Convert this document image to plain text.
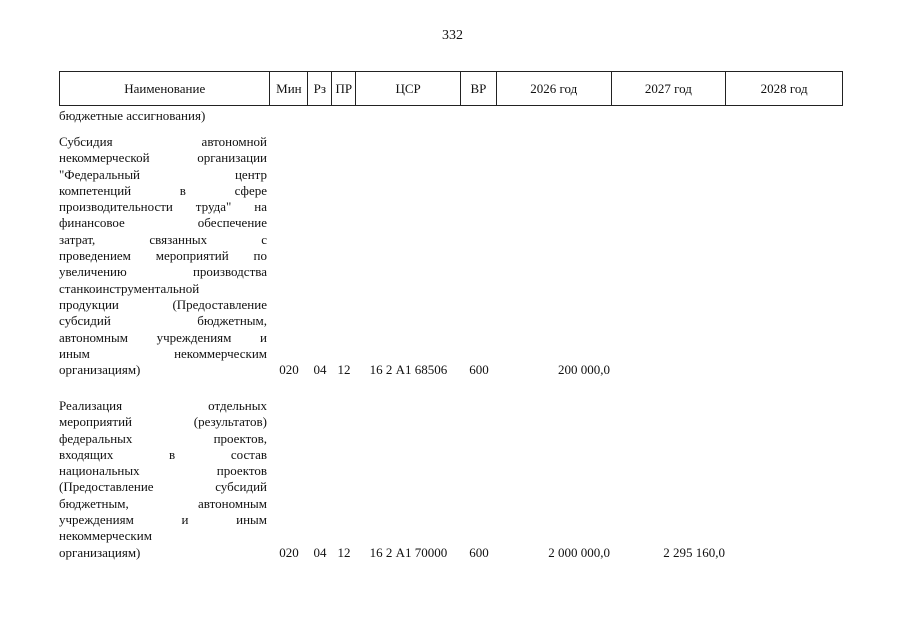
332
Наименование	Мин Рз ПР	ЦСР	ВР	2026 год	2027 год	2028 год
бюджетные ассигнования)
Субсидия автономной
некоммерческой организации
"Федеральный центр
компетенций в сфере
производительности труда" на
финансовое обеспечение
затрат, связанных с
проведением мероприятий по
увеличению производства
станкоинструментальной
продукции (Предоставление
субсидий бюджетным,
автономным учреждениям и
иным некоммерческим
организациям)	020	04 12	16 2 А1 68506	600	200 000,0
Реализация отдельных
мероприятий (результатов)
федеральных проектов,
входящих в состав
национальных проектов
(Предоставление субсидий
бюджетным, автономным
учреждениям и иным
некоммерческим
организациям)	020	04 12	16 2 А1 70000	600	2 000 000,0	2 295 160,0
